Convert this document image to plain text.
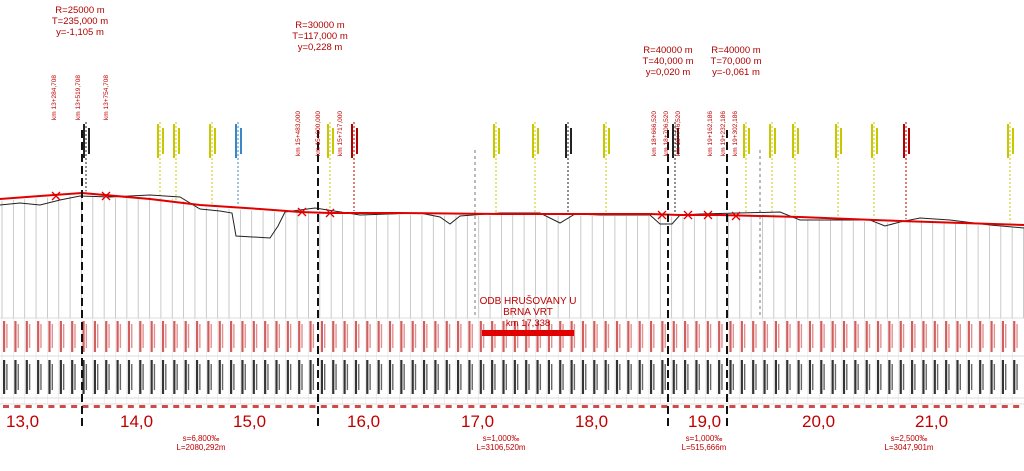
km 13+284,708	km 13+519,708	km 13+754,708
km 15+483,000 km 15+600,000 km 15+717,000	km 18+666,520 km 18+706,520 km 18+746,520	km 19+162,186 km 19+232,186 km 19+302,186
R=25000 m
T=235,000 m
y=-1,105 m
R=30000 m
T=117,000 m
y=0,228 m	R=40000 m
T=40,000 m
y=0,020 m
R=40000 m
T=70,000 m
y=-0,061 m
ODB HRUŠOVANY U BRNA VRT
km 17,338
13,0	14,0	15,0	16,0	17,0	18,0	19,0	20,0	21,0
s=6,800‰
L=2080,292m
s=1,000‰
L=3106,520m
s=1,000‰
L=515,666m
s=2,500‰
L=3047,901m
